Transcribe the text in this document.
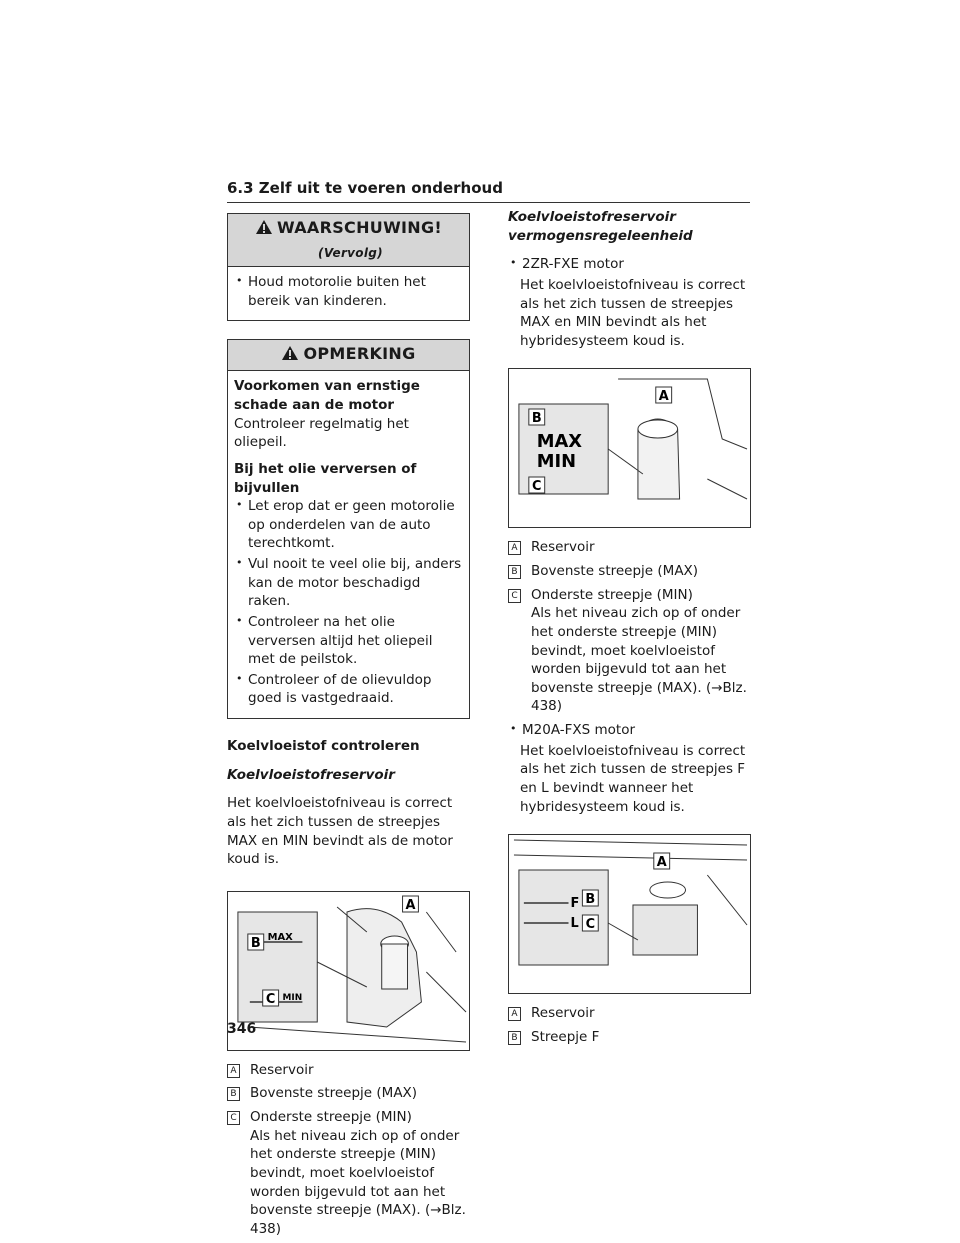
6.3 Zelf uit te voeren onderhoud
WAARSCHUWING!(Vervolg)
• Houd motorolie buiten het bereik van kinderen.
OPMERKING
Voorkomen van ernstige schade aan de motor

Controleer regelmatig het oliepeil.

Bij het olie verversen of bijvullen
• Let erop dat er geen motorolie op onderdelen van de auto terechtkomt.
• Vul nooit te veel olie bij, anders kan de motor beschadigd raken.
• Controleer na het olie verversen altijd het oliepeil met de peilstok.
• Controleer of de olievuldop goed is vastgedraaid.
Koelvloeistof controleren
Koelvloeistofreservoir

Het koelvloeistofniveau is correct als het zich tussen de streepjes MAX en MIN bevindt als de motor koud is.

A
B MAX
C MIN
A Reservoir
B Bovenste streepje (MAX)
C Onderste streepje (MIN)
Als het niveau zich op of onder het onderste streepje (MIN) bevindt, moet koelvloeistof worden bijgevuld tot aan het bovenste streepje (MAX). (→Blz. 438)
Koelvloeistofreservoir vermogensregeleenheid
• 2ZR-FXE motor

Het koelvloeistofniveau is correct als het zich tussen de streepjes MAX en MIN bevindt als het hybridesysteem koud is.

A
B
MAX
MIN
C
A Reservoir
B Bovenste streepje (MAX)
C Onderste streepje (MIN)
Als het niveau zich op of onder het onderste streepje (MIN) bevindt, moet koelvloeistof worden bijgevuld tot aan het bovenste streepje (MAX). (→Blz. 438)
• M20A-FXS motor

Het koelvloeistofniveau is correct als het zich tussen de streepjes F en L bevindt wanneer het hybridesysteem koud is.

A
F B
L C
A Reservoir
B Streepje F
346
